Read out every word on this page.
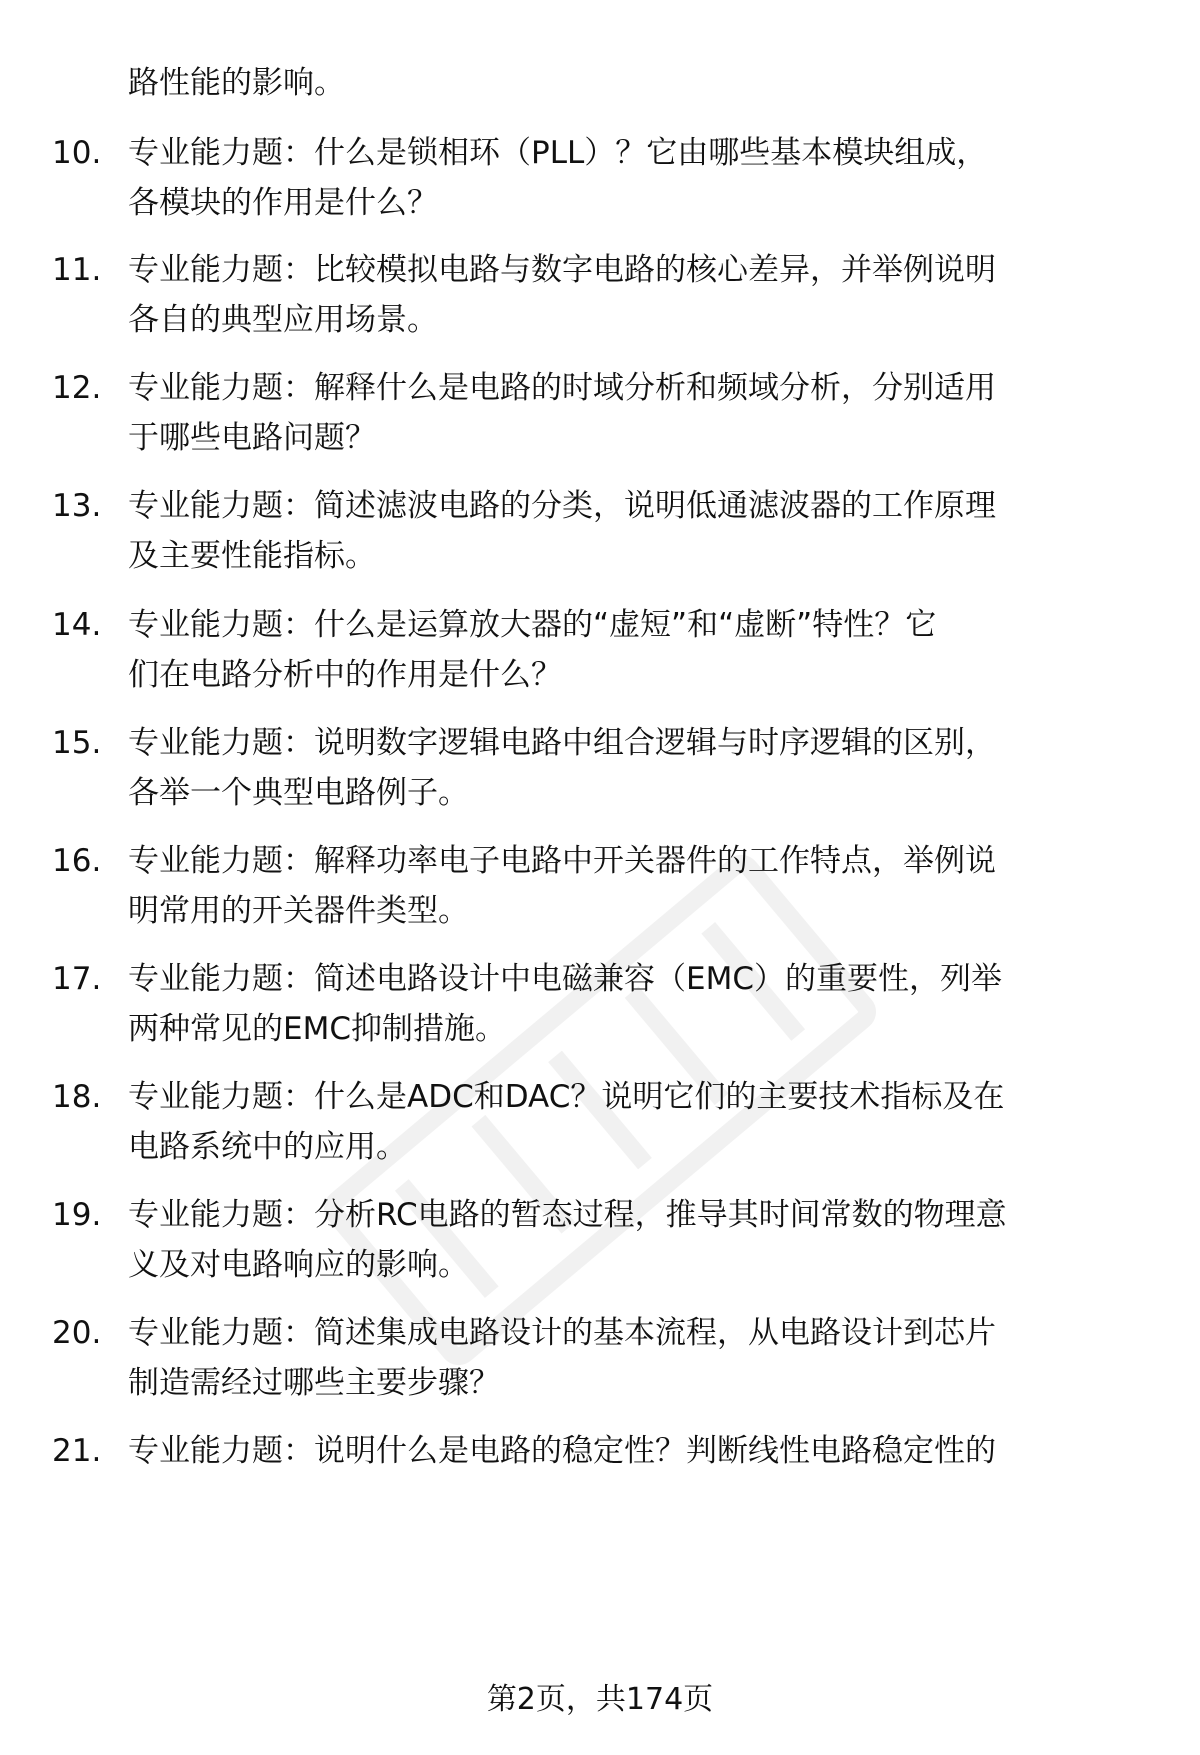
路性能的影响。
10. 专业能力题：什么是锁相环（PLL）？它由哪些基本模块组成，
各模块的作用是什么？
11. 专业能力题：比较模拟电路与数字电路的核心差异，并举例说明
各自的典型应用场景。
12. 专业能力题：解释什么是电路的时域分析和频域分析，分别适用
于哪些电路问题？
13. 专业能力题：简述滤波电路的分类，说明低通滤波器的工作原理
及主要性能指标。
14. 专业能力题：什么是运算放大器的“虚短”和“虚断”特性？它
们在电路分析中的作用是什么？
15. 专业能力题：说明数字逻辑电路中组合逻辑与时序逻辑的区别，
各举一个典型电路例子。
16. 专业能力题：解释功率电子电路中开关器件的工作特点，举例说
明常用的开关器件类型。
17. 专业能力题：简述电路设计中电磁兼容（EMC）的重要性，列举
两种常见的EMC抑制措施。
18. 专业能力题：什么是ADC和DAC？说明它们的主要技术指标及在
电路系统中的应用。
19. 专业能力题：分析RC电路的暂态过程，推导其时间常数的物理意
义及对电路响应的影响。
20. 专业能力题：简述集成电路设计的基本流程，从电路设计到芯片
制造需经过哪些主要步骤？
21. 专业能力题：说明什么是电路的稳定性？判断线性电路稳定性的
第2页，共174页
